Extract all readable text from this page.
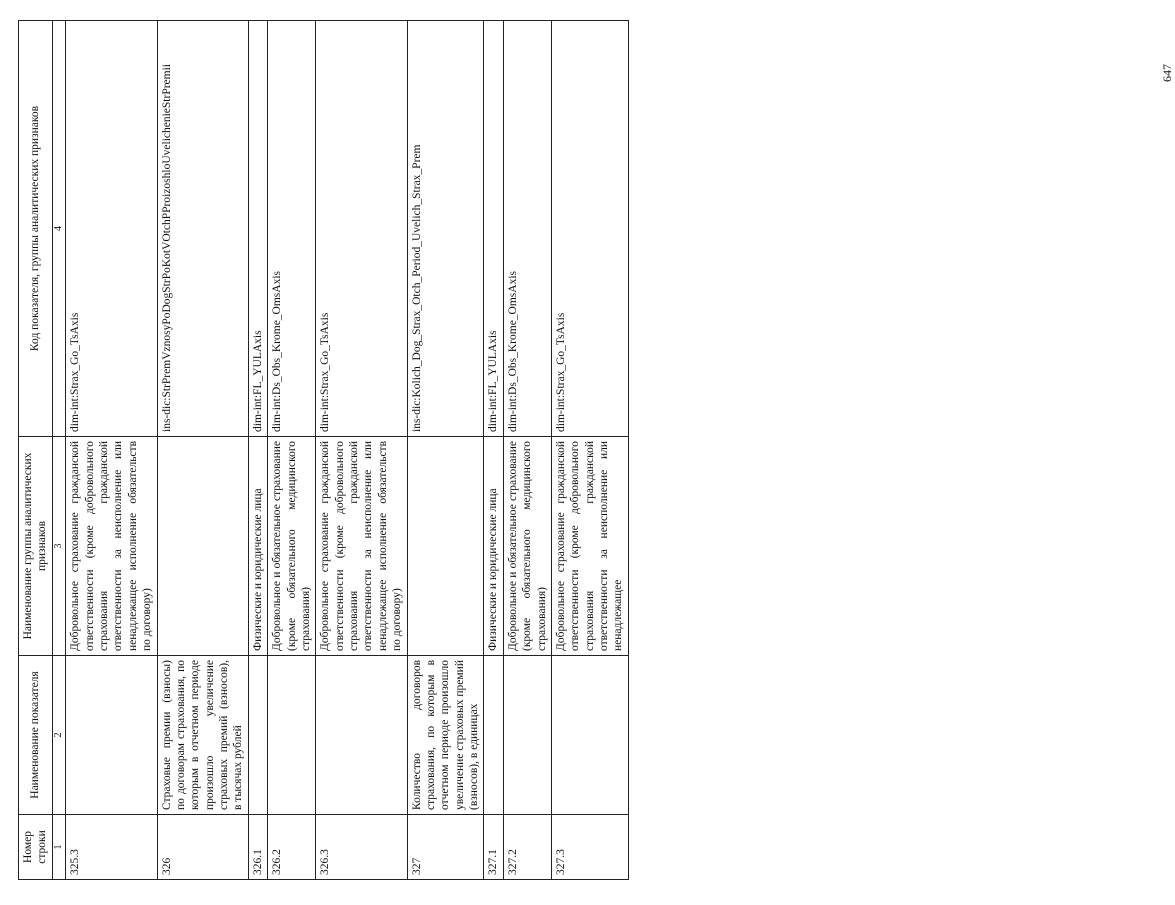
Номер строки	Наименование показателя	Наименование группы аналитических признаков	Код показателя, группы аналитических признаков
1	2	3	4
325.3		Добровольное страхование гражданской ответственности (кроме добровольного страхования гражданской ответственности за неисполнение или ненадлежащее исполнение обязательств по договору)	dim-int:Strax_Go_TsAxis
326	Страховые премии (взносы) по договорам страхования, по которым в отчетном периоде произошло увеличение страховых премий (взносов), в тысячах рублей		ins-dic:StrPremVznosyPoDogStrPoKotVOtchPProizoshloUvelichenieStrPremii
326.1		Физические и юридические лица	dim-int:FL_YULAxis
326.2		Добровольное и обязательное страхование (кроме обязательного медицинского страхования)	dim-int:Ds_Obs_Krome_OmsAxis
326.3		Добровольное страхование гражданской ответственности (кроме добровольного страхования гражданской ответственности за неисполнение или ненадлежащее исполнение обязательств по договору)	dim-int:Strax_Go_TsAxis
327	Количество договоров страхования, по которым в отчетном периоде произошло увеличение страховых премий (взносов), в единицах		ins-dic:Kolich_Dog_Strax_Otch_Period_Uvelich_Strax_Prem
327.1		Физические и юридические лица	dim-int:FL_YULAxis
327.2		Добровольное и обязательное страхование (кроме обязательного медицинского страхования)	dim-int:Ds_Obs_Krome_OmsAxis
327.3		Добровольное страхование гражданской ответственности (кроме добровольного страхования гражданской ответственности за неисполнение или ненадлежащее	dim-int:Strax_Go_TsAxis
647
